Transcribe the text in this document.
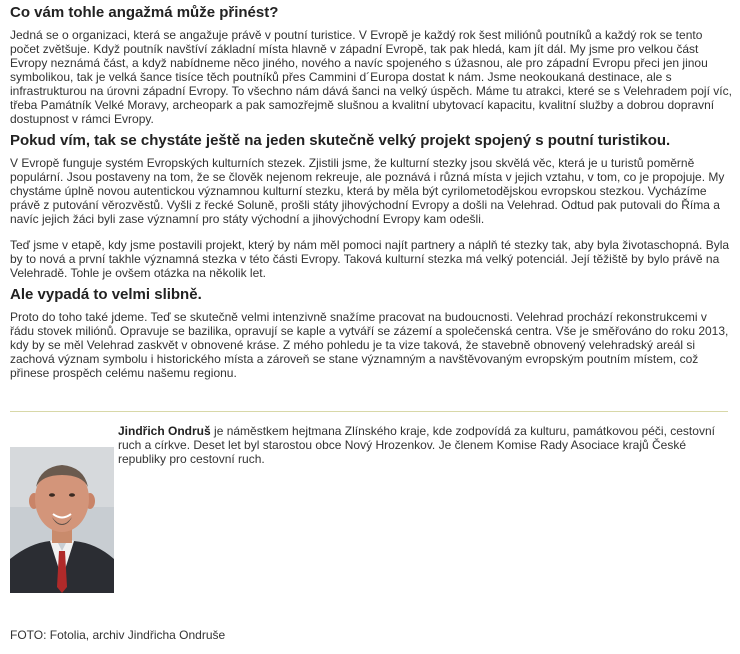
Co vám tohle angažmá může přinést?

Jedná se o organizaci, která se angažuje právě v poutní turistice. V Evropě je každý rok šest miliónů poutníků a každý rok se tento počet zvětšuje. Když poutník navštíví základní místa hlavně v západní Evropě, tak pak hledá, kam jít dál. My jsme pro velkou část Evropy neznámá část, a když nabídneme něco jiného, nového a navíc spojeného s úžasnou, ale pro západní Evropu přeci jen jinou symbolikou, tak je velká šance tisíce těch poutníků přes Cammini d´Europa dostat k nám. Jsme neokoukaná destinace, ale s infrastrukturou na úrovni západní Evropy. To všechno nám dává šanci na velký úspěch. Máme tu atrakci, které se s Velehradem pojí víc, třeba Památník Velké Moravy, archeopark a pak samozřejmě slušnou a kvalitní ubytovací kapacitu, kvalitní služby a dobrou dopravní dostupnost v rámci Evropy.

Pokud vím, tak se chystáte ještě na jeden skutečně velký projekt spojený s poutní turistikou.

V Evropě funguje systém Evropských kulturních stezek. Zjistili jsme, že kulturní stezky jsou skvělá věc, která je u turistů poměrně populární. Jsou postaveny na tom, že se člověk nejenom rekreuje, ale poznává i různá místa v jejich vztahu, v tom, co je propojuje. My chystáme úplně novou autentickou významnou kulturní stezku, která by měla být cyrilometodějskou evropskou stezkou. Vycházíme právě z putování věrozvěstů. Vyšli z řecké Soluně, prošli státy jihovýchodní Evropy a došli na Velehrad. Odtud pak putovali do Říma a navíc jejich žáci byli zase významní pro státy východní a jihovýchodní Evropy kam odešli.

Teď jsme v etapě, kdy jsme postavili projekt, který by nám měl pomoci najít partnery a náplň té stezky tak, aby byla životaschopná. Byla by to nová a první takhle významná stezka v této části Evropy. Taková kulturní stezka má velký potenciál. Její těžiště by bylo právě na Velehradě. Tohle je ovšem otázka na několik let.

Ale vypadá to velmi slibně.

Proto do toho také jdeme. Teď se skutečně velmi intenzivně snažíme pracovat na budoucnosti. Velehrad prochází rekonstrukcemi v řádu stovek miliónů. Opravuje se bazilika, opravují se kaple a vytváří se zázemí a společenská centra. Vše je směřováno do roku 2013, kdy by se měl Velehrad zaskvět v obnovené kráse. Z mého pohledu je ta vize taková, že stavebně obnovený velehradský areál si zachová význam symbolu i historického místa a zároveň se stane významným a navštěvovaným evropským poutním místem, což přinese prospěch celému našemu regionu.

Jindřich Ondruš je náměstkem hejtmana Zlínského kraje, kde zodpovídá za kulturu, památkovou péči, cestovní ruch a církve. Deset let byl starostou obce Nový Hrozenkov. Je členem Komise Rady Asociace krajů České republiky pro cestovní ruch.
FOTO: Fotolia, archiv Jindřicha Ondruše
